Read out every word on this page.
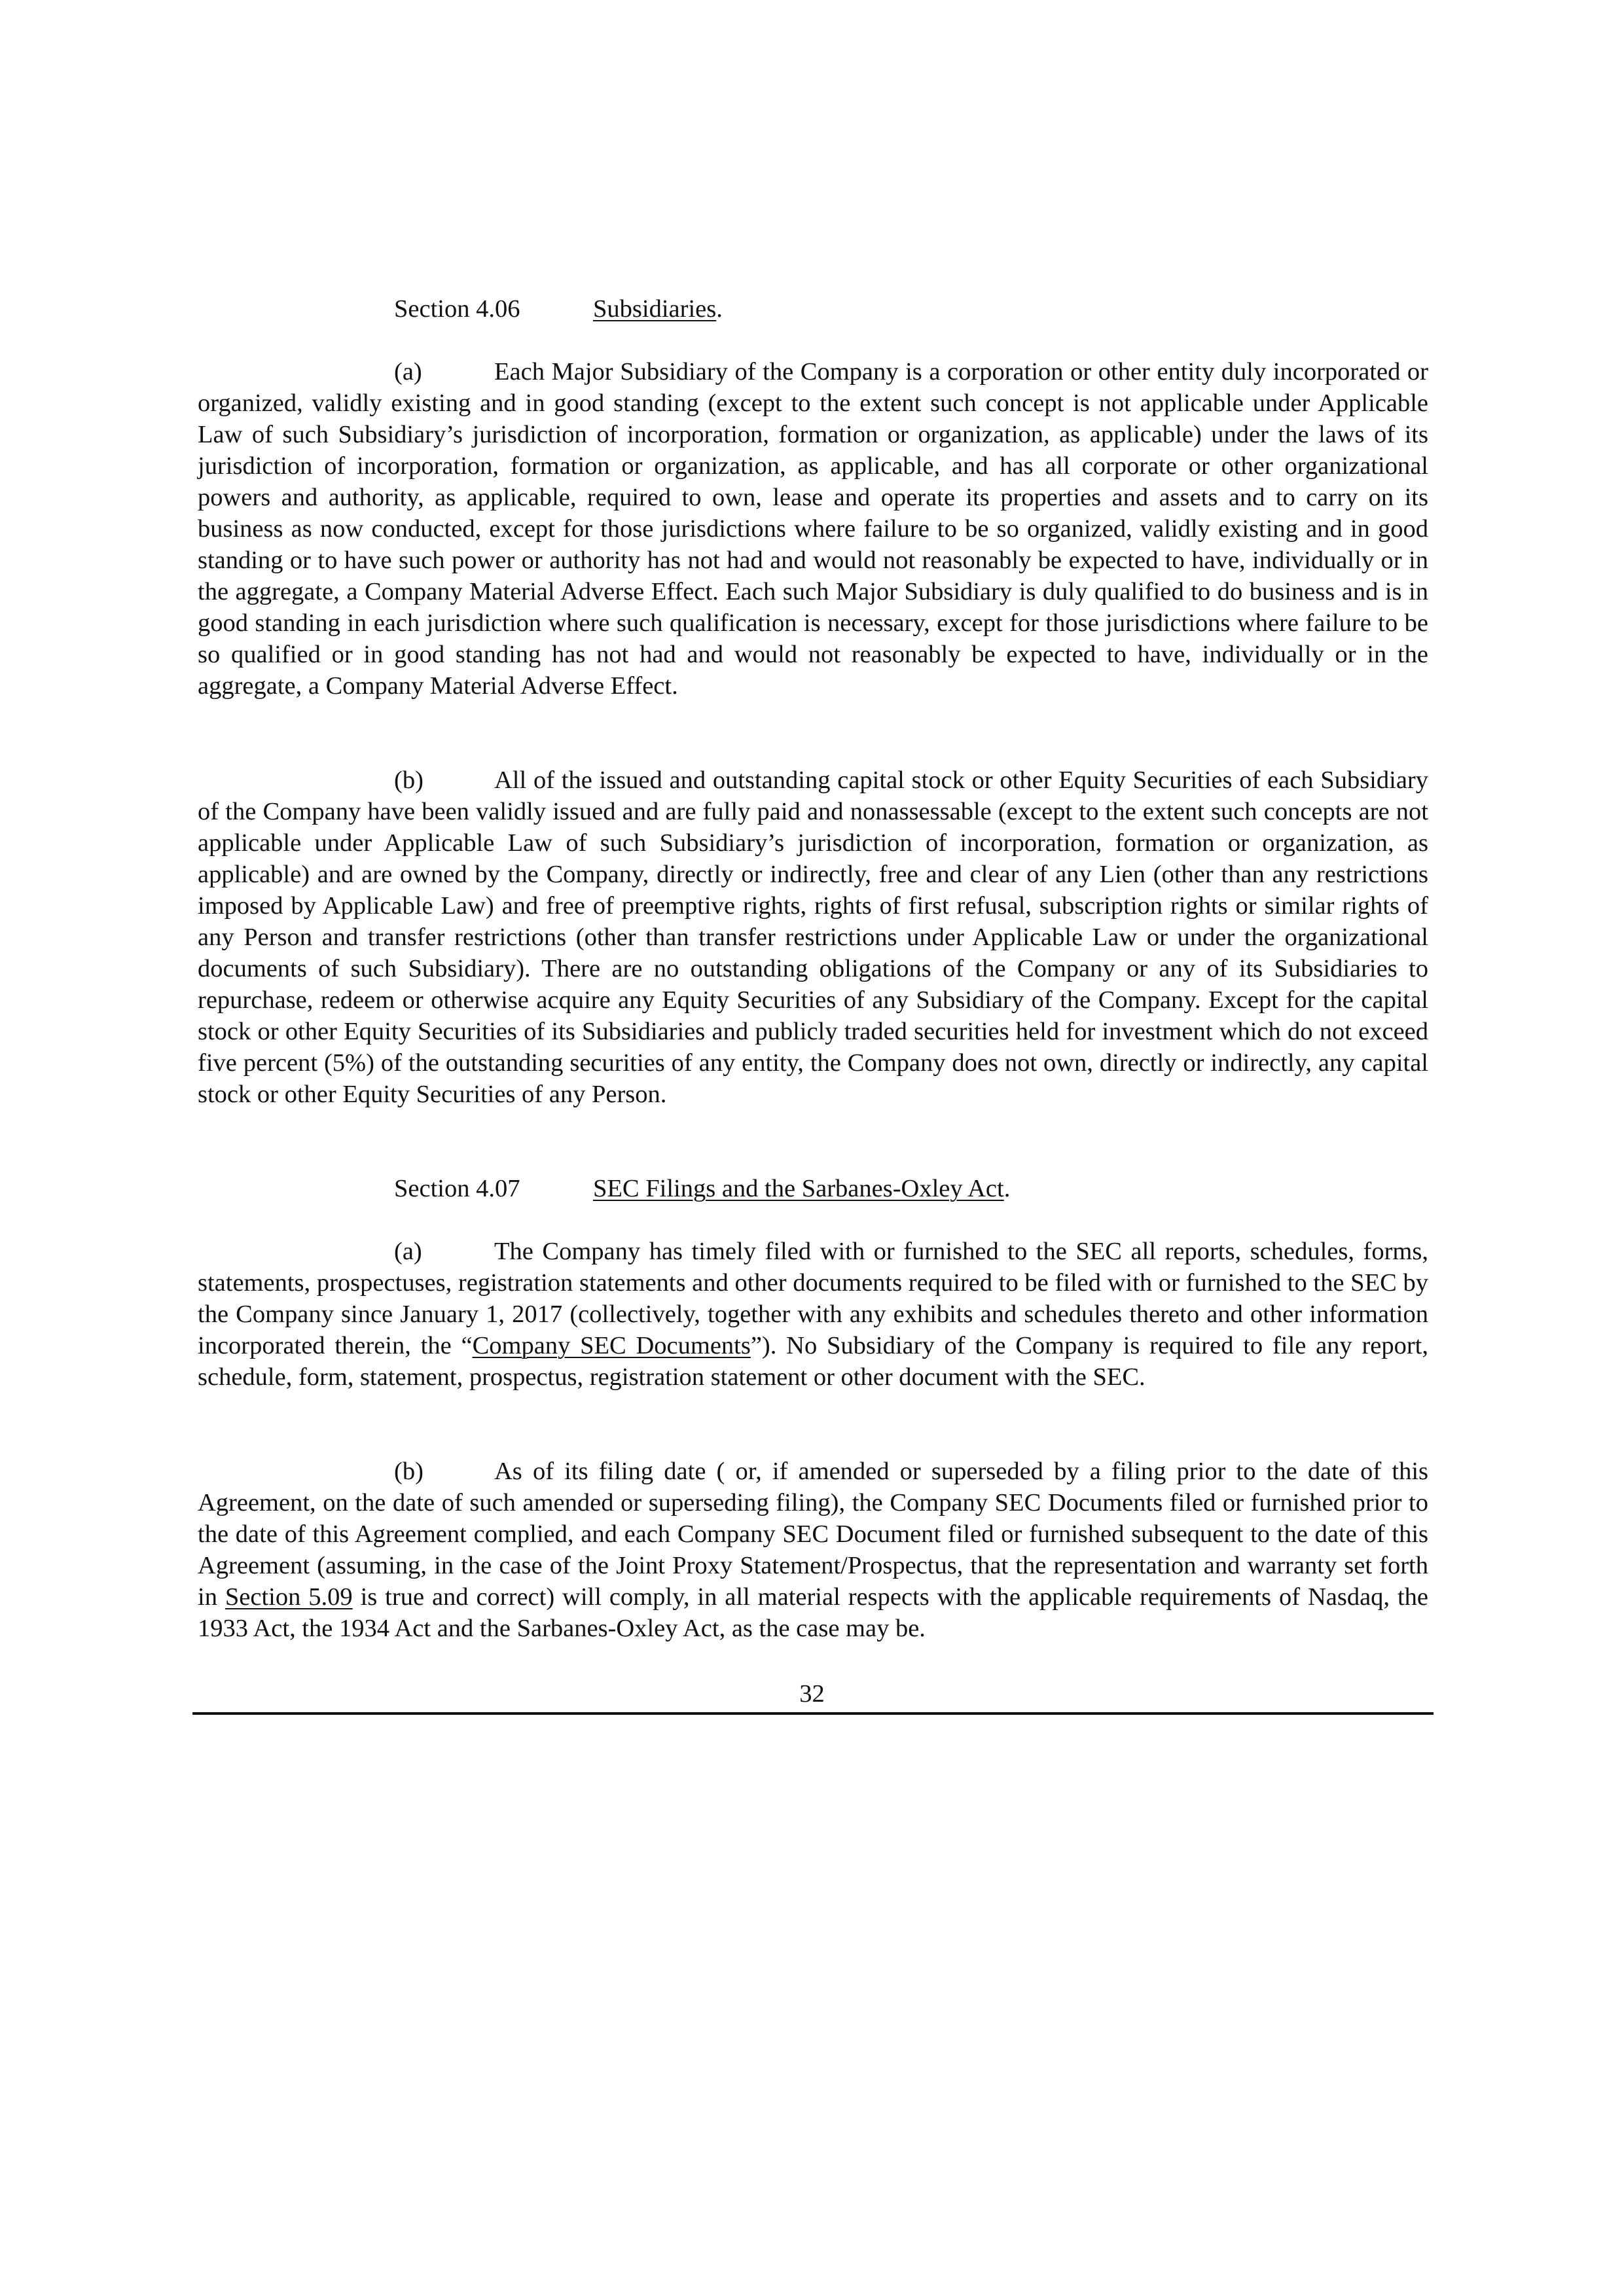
Section 4.06	Subsidiaries.
(a)	Each Major Subsidiary of the Company is a corporation or other entity duly incorporated or organized, validly existing and in good standing (except to the extent such concept is not applicable under Applicable Law of such Subsidiary’s jurisdiction of incorporation, formation or organization, as applicable) under the laws of its jurisdiction of incorporation, formation or organization, as applicable, and has all corporate or other organizational powers and authority, as applicable, required to own, lease and operate its properties and assets and to carry on its business as now conducted, except for those jurisdictions where failure to be so organized, validly existing and in good standing or to have such power or authority has not had and would not reasonably be expected to have, individually or in the aggregate, a Company Material Adverse Effect. Each such Major Subsidiary is duly qualified to do business and is in good standing in each jurisdiction where such qualification is necessary, except for those jurisdictions where failure to be so qualified or in good standing has not had and would not reasonably be expected to have, individually or in the aggregate, a Company Material Adverse Effect.
(b)	All of the issued and outstanding capital stock or other Equity Securities of each Subsidiary of the Company have been validly issued and are fully paid and nonassessable (except to the extent such concepts are not applicable under Applicable Law of such Subsidiary’s jurisdiction of incorporation, formation or organization, as applicable) and are owned by the Company, directly or indirectly, free and clear of any Lien (other than any restrictions imposed by Applicable Law) and free of preemptive rights, rights of first refusal, subscription rights or similar rights of any Person and transfer restrictions (other than transfer restrictions under Applicable Law or under the organizational documents of such Subsidiary). There are no outstanding obligations of the Company or any of its Subsidiaries to repurchase, redeem or otherwise acquire any Equity Securities of any Subsidiary of the Company. Except for the capital stock or other Equity Securities of its Subsidiaries and publicly traded securities held for investment which do not exceed five percent (5%) of the outstanding securities of any entity, the Company does not own, directly or indirectly, any capital stock or other Equity Securities of any Person.
Section 4.07	SEC Filings and the Sarbanes-Oxley Act.
(a)	The Company has timely filed with or furnished to the SEC all reports, schedules, forms, statements, prospectuses, registration statements and other documents required to be filed with or furnished to the SEC by the Company since January 1, 2017 (collectively, together with any exhibits and schedules thereto and other information incorporated therein, the “Company SEC Documents”). No Subsidiary of the Company is required to file any report, schedule, form, statement, prospectus, registration statement or other document with the SEC.
(b)	As of its filing date ( or, if amended or superseded by a filing prior to the date of this Agreement, on the date of such amended or superseding filing), the Company SEC Documents filed or furnished prior to the date of this Agreement complied, and each Company SEC Document filed or furnished subsequent to the date of this Agreement (assuming, in the case of the Joint Proxy Statement/Prospectus, that the representation and warranty set forth in Section 5.09 is true and correct) will comply, in all material respects with the applicable requirements of Nasdaq, the 1933 Act, the 1934 Act and the Sarbanes-Oxley Act, as the case may be.
32
